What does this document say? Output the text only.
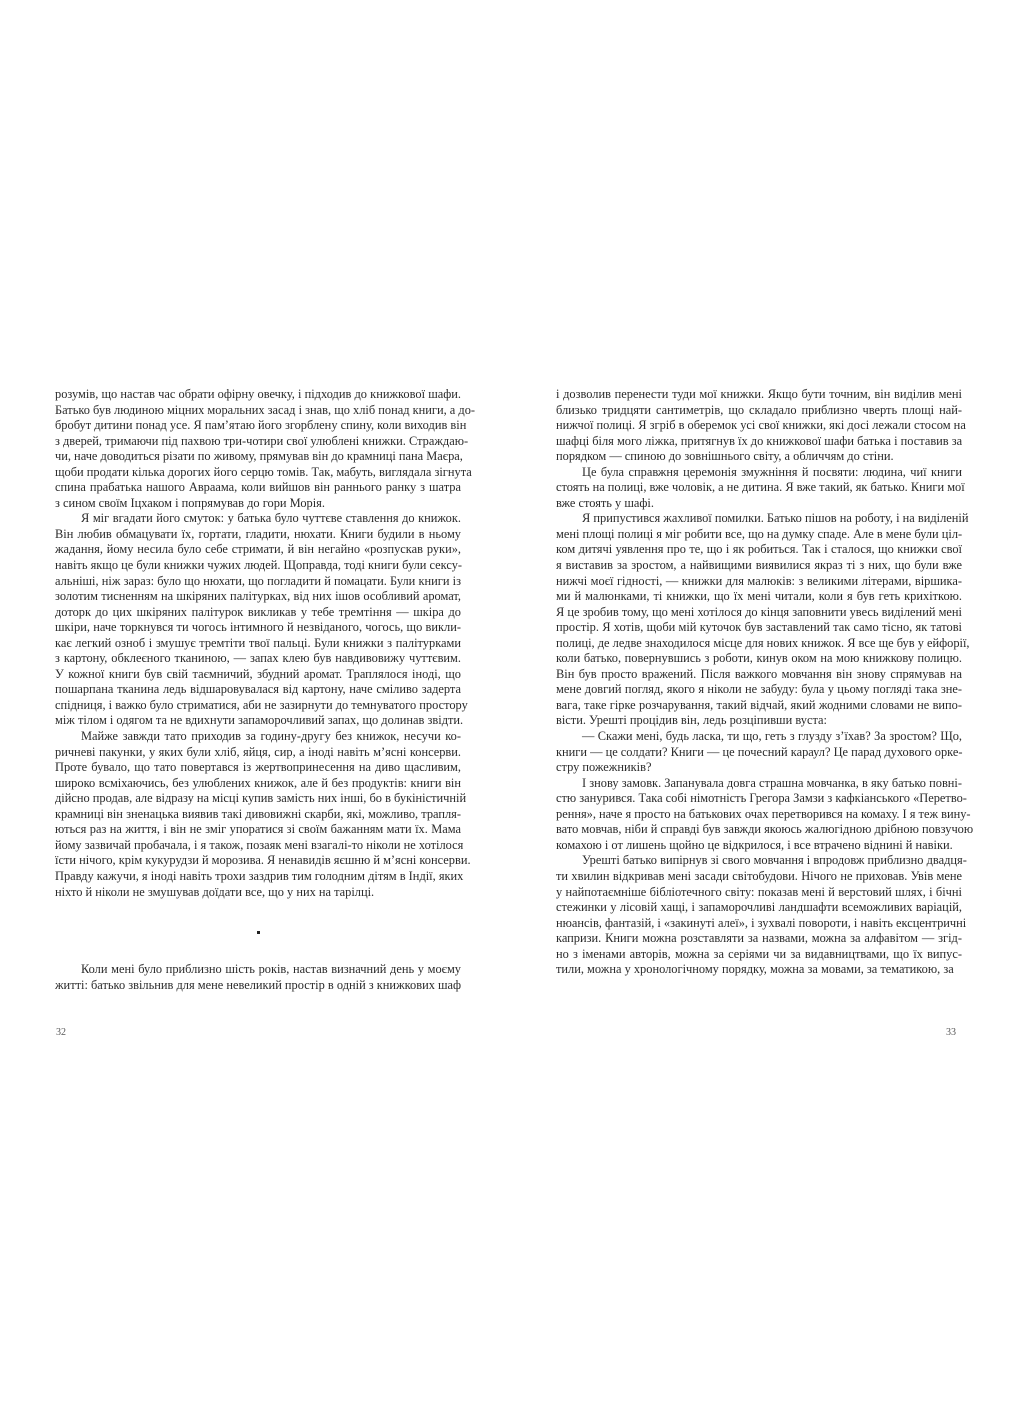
розумів, що настав час обрати офірну овечку, і підходив до книжкової шафи.
Батько був людиною міцних моральних засад і знав, що хліб понад книги, а до-
бробут дитини понад усе. Я пам’ятаю його згорблену спину, коли виходив він
з дверей, тримаючи під пахвою три-чотири свої улюблені книжки. Страждаю-
чи, наче доводиться різати по живому, прямував він до крамниці пана Маєра,
щоби продати кілька дорогих його серцю томів. Так, мабуть, виглядала зігнута
спина прабатька нашого Авраама, коли вийшов він раннього ранку з шатра
з сином своїм Іцхаком і попрямував до гори Морія.

Я міг вгадати його смуток: у батька було чуттєве ставлення до книжок.
Він любив обмацувати їх, гортати, гладити, нюхати. Книги будили в ньому
жадання, йому несила було себе стримати, й він негайно «розпускав руки»,
навіть якщо це були книжки чужих людей. Щоправда, тоді книги були сексу-
альніші, ніж зараз: було що нюхати, що погладити й помацати. Були книги із
золотим тисненням на шкіряних палітурках, від них ішов особливий аромат,
доторк до цих шкіряних палітурок викликав у тебе тремтіння — шкіра до
шкіри, наче торкнувся ти чогось інтимного й незвіданого, чогось, що викли-
кає легкий озноб і змушує тремтіти твої пальці. Були книжки з палітурками
з картону, обклеєного тканиною, — запах клею був навдивовижу чуттєвим.
У кожної книги був свій таємничий, збудний аромат. Траплялося іноді, що
пошарпана тканина ледь відшаровувалася від картону, наче сміливо задерта
спідниця, і важко було стриматися, аби не зазирнути до темнуватого простору
між тілом і одягом та не вдихнути запаморочливий запах, що долинав звідти.

Майже завжди тато приходив за годину-другу без книжок, несучи ко-
ричневі пакунки, у яких були хліб, яйця, сир, а іноді навіть м’ясні консерви.
Проте бувало, що тато повертався із жертвопринесення на диво щасливим,
широко всміхаючись, без улюблених книжок, але й без продуктів: книги він
дійсно продав, але відразу на місці купив замість них інші, бо в букіністичній
крамниці він зненацька виявив такі дивовижні скарби, які, можливо, трапля-
ються раз на життя, і він не зміг упоратися зі своїм бажанням мати їх. Мама
йому зазвичай пробачала, і я також, позаяк мені взагалі-то ніколи не хотілося
їсти нічого, крім кукурудзи й морозива. Я ненавидів яєшню й м’ясні консерви.
Правду кажучи, я іноді навіть трохи заздрив тим голодним дітям в Індії, яких
ніхто й ніколи не змушував доїдати все, що у них на тарілці.

Коли мені було приблизно шість років, настав визначний день у моєму
житті: батько звільнив для мене невеликий простір в одній з книжкових шаф

32

і дозволив перенести туди мої книжки. Якщо бути точним, він виділив мені
близько тридцяти сантиметрів, що складало приблизно чверть площі най-
нижчої полиці. Я згріб в оберемок усі свої книжки, які досі лежали стосом на
шафці біля мого ліжка, притягнув їх до книжкової шафи батька і поставив за
порядком — спиною до зовнішнього світу, а обличчям до стіни.

Це була справжня церемонія змужніння й посвяти: людина, чиї книги
стоять на полиці, вже чоловік, а не дитина. Я вже такий, як батько. Книги мої
вже стоять у шафі.

Я припустився жахливої помилки. Батько пішов на роботу, і на виділеній
мені площі полиці я міг робити все, що на думку спаде. Але в мене були ціл-
ком дитячі уявлення про те, що і як робиться. Так і сталося, що книжки свої
я виставив за зростом, а найвищими виявилися якраз ті з них, що були вже
нижчі моєї гідності, — книжки для малюків: з великими літерами, віршика-
ми й малюнками, ті книжки, що їх мені читали, коли я був геть крихіткою.
Я це зробив тому, що мені хотілося до кінця заповнити увесь виділений мені
простір. Я хотів, щоби мій куточок був заставлений так само тісно, як татові
полиці, де ледве знаходилося місце для нових книжок. Я все ще був у ейфорії,
коли батько, повернувшись з роботи, кинув оком на мою книжкову полицю.
Він був просто вражений. Після важкого мовчання він знову спрямував на
мене довгий погляд, якого я ніколи не забуду: була у цьому погляді така зне-
вага, таке гірке розчарування, такий відчай, який жодними словами не випо-
вісти. Урешті процідив він, ледь розціпивши вуста:

— Скажи мені, будь ласка, ти що, геть з глузду з’їхав? За зростом? Що,
книги — це солдати? Книги — це почесний караул? Це парад духового орке-
стру пожежників?

І знову замовк. Запанувала довга страшна мовчанка, в яку батько повні-
стю занурився. Така собі німотність Грегора Замзи з кафкіанського «Перетво-
рення», наче я просто на батькових очах перетворився на комаху. І я теж вину-
вато мовчав, ніби й справді був завжди якоюсь жалюгідною дрібною повзучою
комахою і от лишень щойно це відкрилося, і все втрачено віднині й навіки.

Урешті батько випірнув зі свого мовчання і впродовж приблизно двадця-
ти хвилин відкривав мені засади світобудови. Нічого не приховав. Увів мене
у найпотаємніше бібліотечного світу: показав мені й верстовий шлях, і бічні
стежинки у лісовій хащі, і запаморочливі ландшафти всеможливих варіацій,
нюансів, фантазій, і «закинуті алеї», і зухвалі повороти, і навіть ексцентричні
капризи. Книги можна розставляти за назвами, можна за алфавітом — згід-
но з іменами авторів, можна за серіями чи за видавництвами, що їх випус-
тили, можна у хронологічному порядку, можна за мовами, за тематикою, за

33
